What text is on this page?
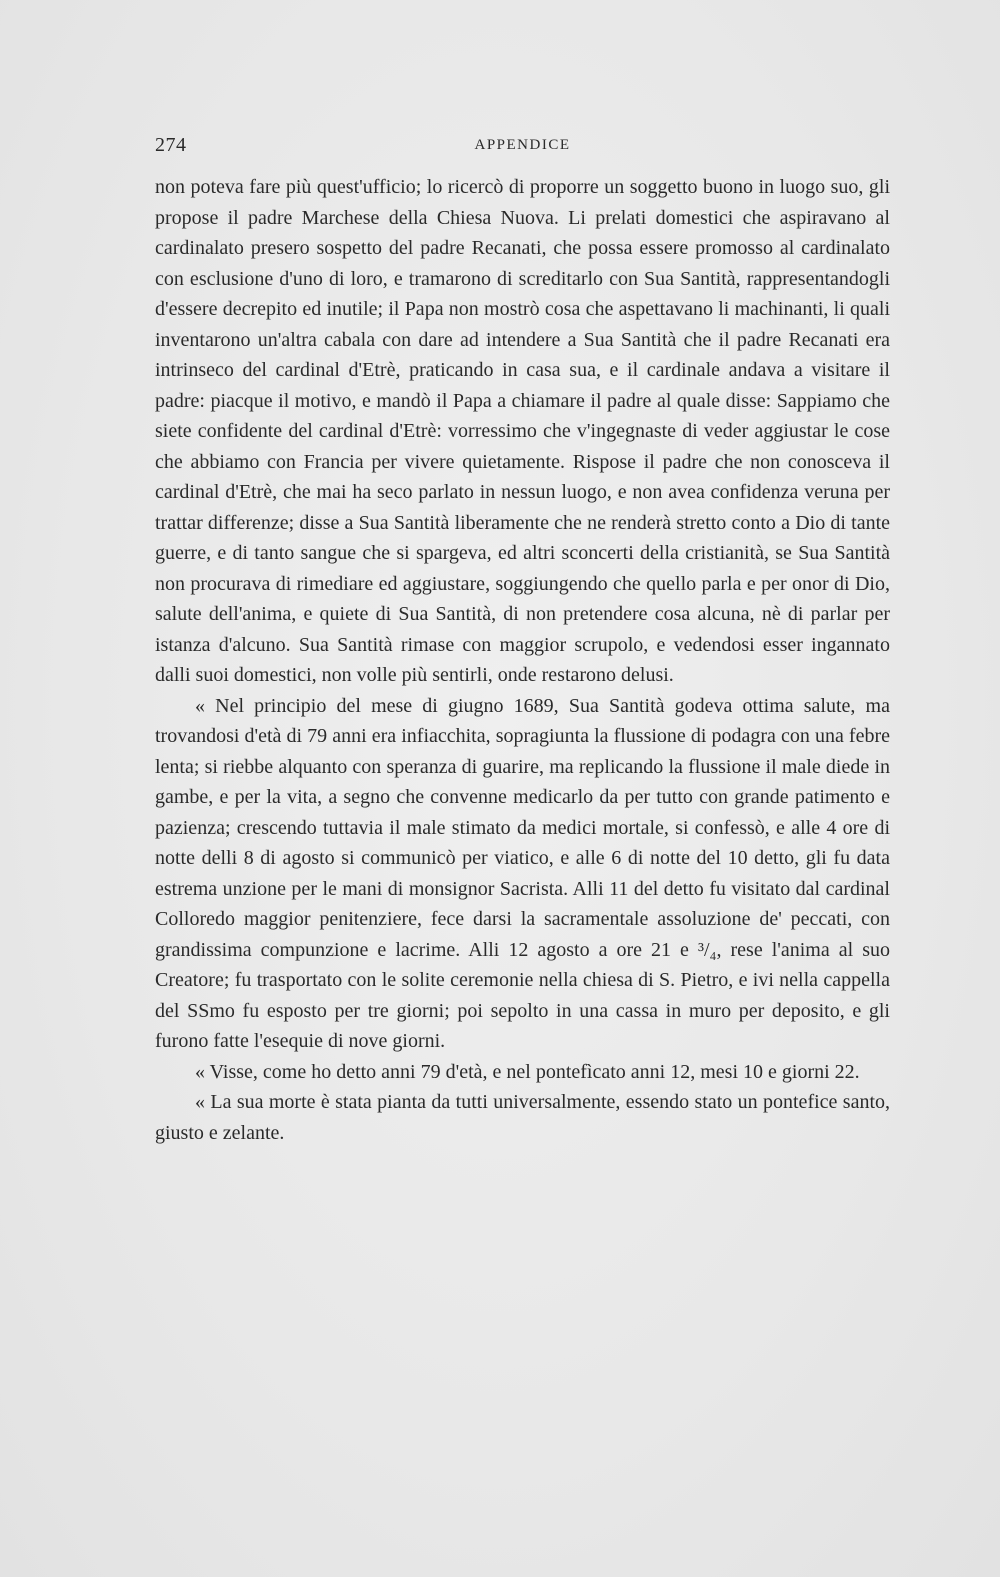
274	APPENDICE

non poteva fare più quest'ufficio; lo ricercò di proporre un soggetto buono in luogo suo, gli propose il padre Marchese della Chiesa Nuova. Li prelati domestici che aspiravano al cardinalato presero sospetto del padre Recanati, che possa essere promosso al cardinalato con esclusione d'uno di loro, e tramarono di screditarlo con Sua Santità, rappresentandogli d'essere decrepito ed inutile; il Papa non mostrò cosa che aspettavano li machinanti, li quali inventarono un'altra cabala con dare ad intendere a Sua Santità che il padre Recanati era intrinseco del cardinal d'Etrè, praticando in casa sua, e il cardinale andava a visitare il padre: piacque il motivo, e mandò il Papa a chiamare il padre al quale disse: Sappiamo che siete confidente del cardinal d'Etrè: vorressimo che v'ingegnaste di veder aggiustar le cose che abbiamo con Francia per vivere quietamente. Rispose il padre che non conosceva il cardinal d'Etrè, che mai ha seco parlato in nessun luogo, e non avea confidenza veruna per trattar differenze; disse a Sua Santità liberamente che ne renderà stretto conto a Dio di tante guerre, e di tanto sangue che si spargeva, ed altri sconcerti della cristianità, se Sua Santità non procurava di rimediare ed aggiustare, soggiungendo che quello parla e per onor di Dio, salute dell'anima, e quiete di Sua Santità, di non pretendere cosa alcuna, nè di parlar per istanza d'alcuno. Sua Santità rimase con maggior scrupolo, e vedendosi esser ingannato dalli suoi domestici, non volle più sentirli, onde restarono delusi.

« Nel principio del mese di giugno 1689, Sua Santità godeva ottima salute, ma trovandosi d'età di 79 anni era infiacchita, sopragiunta la flussione di podagra con una febre lenta; si riebbe alquanto con speranza di guarire, ma replicando la flussione il male diede in gambe, e per la vita, a segno che convenne medicarlo da per tutto con grande patimento e pazienza; crescendo tuttavia il male stimato da medici mortale, si confessò, e alle 4 ore di notte delli 8 di agosto si communicò per viatico, e alle 6 di notte del 10 detto, gli fu data estrema unzione per le mani di monsignor Sacrista. Alli 11 del detto fu visitato dal cardinal Colloredo maggior penitenziere, fece darsi la sacramentale assoluzione de' peccati, con grandissima compunzione e lacrime. Alli 12 agosto a ore 21 e ³/₄, rese l'anima al suo Creatore; fu trasportato con le solite ceremonie nella chiesa di S. Pietro, e ivi nella cappella del SSmo fu esposto per tre giorni; poi sepolto in una cassa in muro per deposito, e gli furono fatte l'esequie di nove giorni.

« Visse, come ho detto anni 79 d'età, e nel pontefìcato anni 12, mesi 10 e giorni 22.

« La sua morte è stata pianta da tutti universalmente, essendo stato un pontefice santo, giusto e zelante.
